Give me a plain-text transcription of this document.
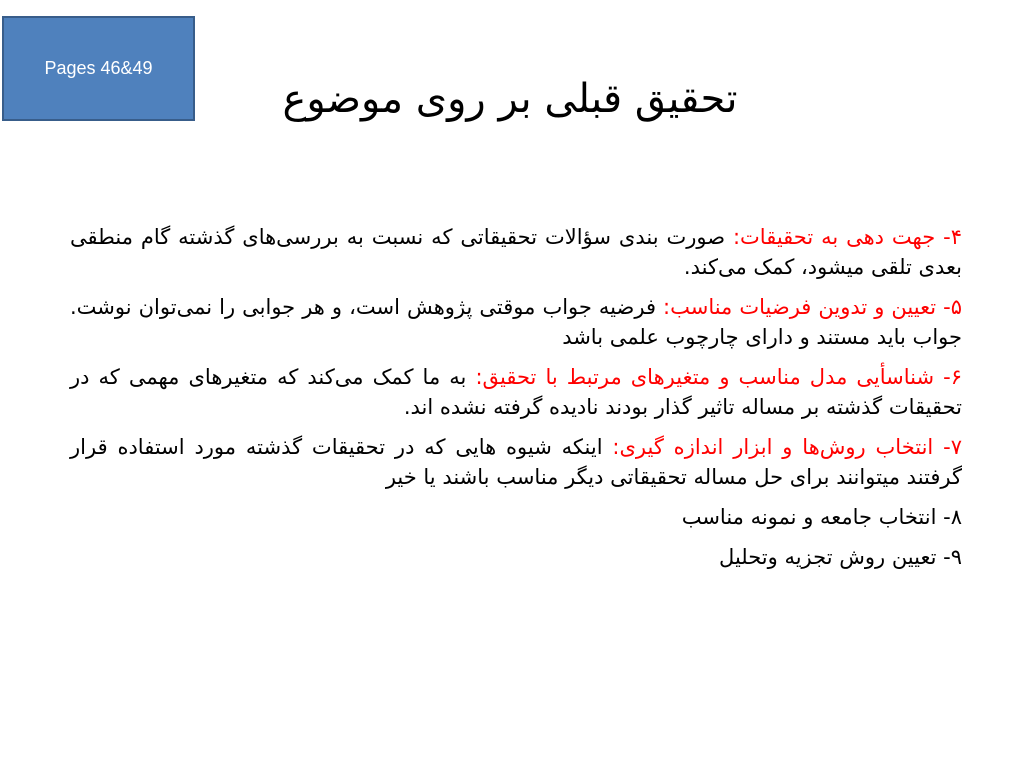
Pages 46&49
تحقیق قبلی بر روی موضوع

۴- جهت دهی به تحقیقات: صورت بندی سؤالات تحقیقاتی که نسبت به بررسی‌های گذشته گام منطقی بعدی تلقی میشود، کمک می‌کند.

۵- تعیین و تدوین فرضیات مناسب: فرضیه جواب موقتی پژوهش است، و هر جوابی را نمی‌توان نوشت. جواب باید مستند و دارای چارچوب علمی باشد

۶- شناسأیی مدل مناسب و متغیرهای مرتبط با تحقیق: به ما کمک می‌کند که متغیرهای مهمی که در تحقیقات گذشته بر مساله تاثیر گذار بودند نادیده گرفته نشده اند.

۷- انتخاب روش‌ها و ابزار اندازه گیری: اینکه شیوه هایی که در تحقیقات گذشته مورد استفاده قرار گرفتند میتوانند برای حل مساله تحقیقاتی دیگر مناسب باشند یا خیر

۸- انتخاب جامعه و نمونه مناسب

۹- تعیین روش تجزیه وتحلیل
